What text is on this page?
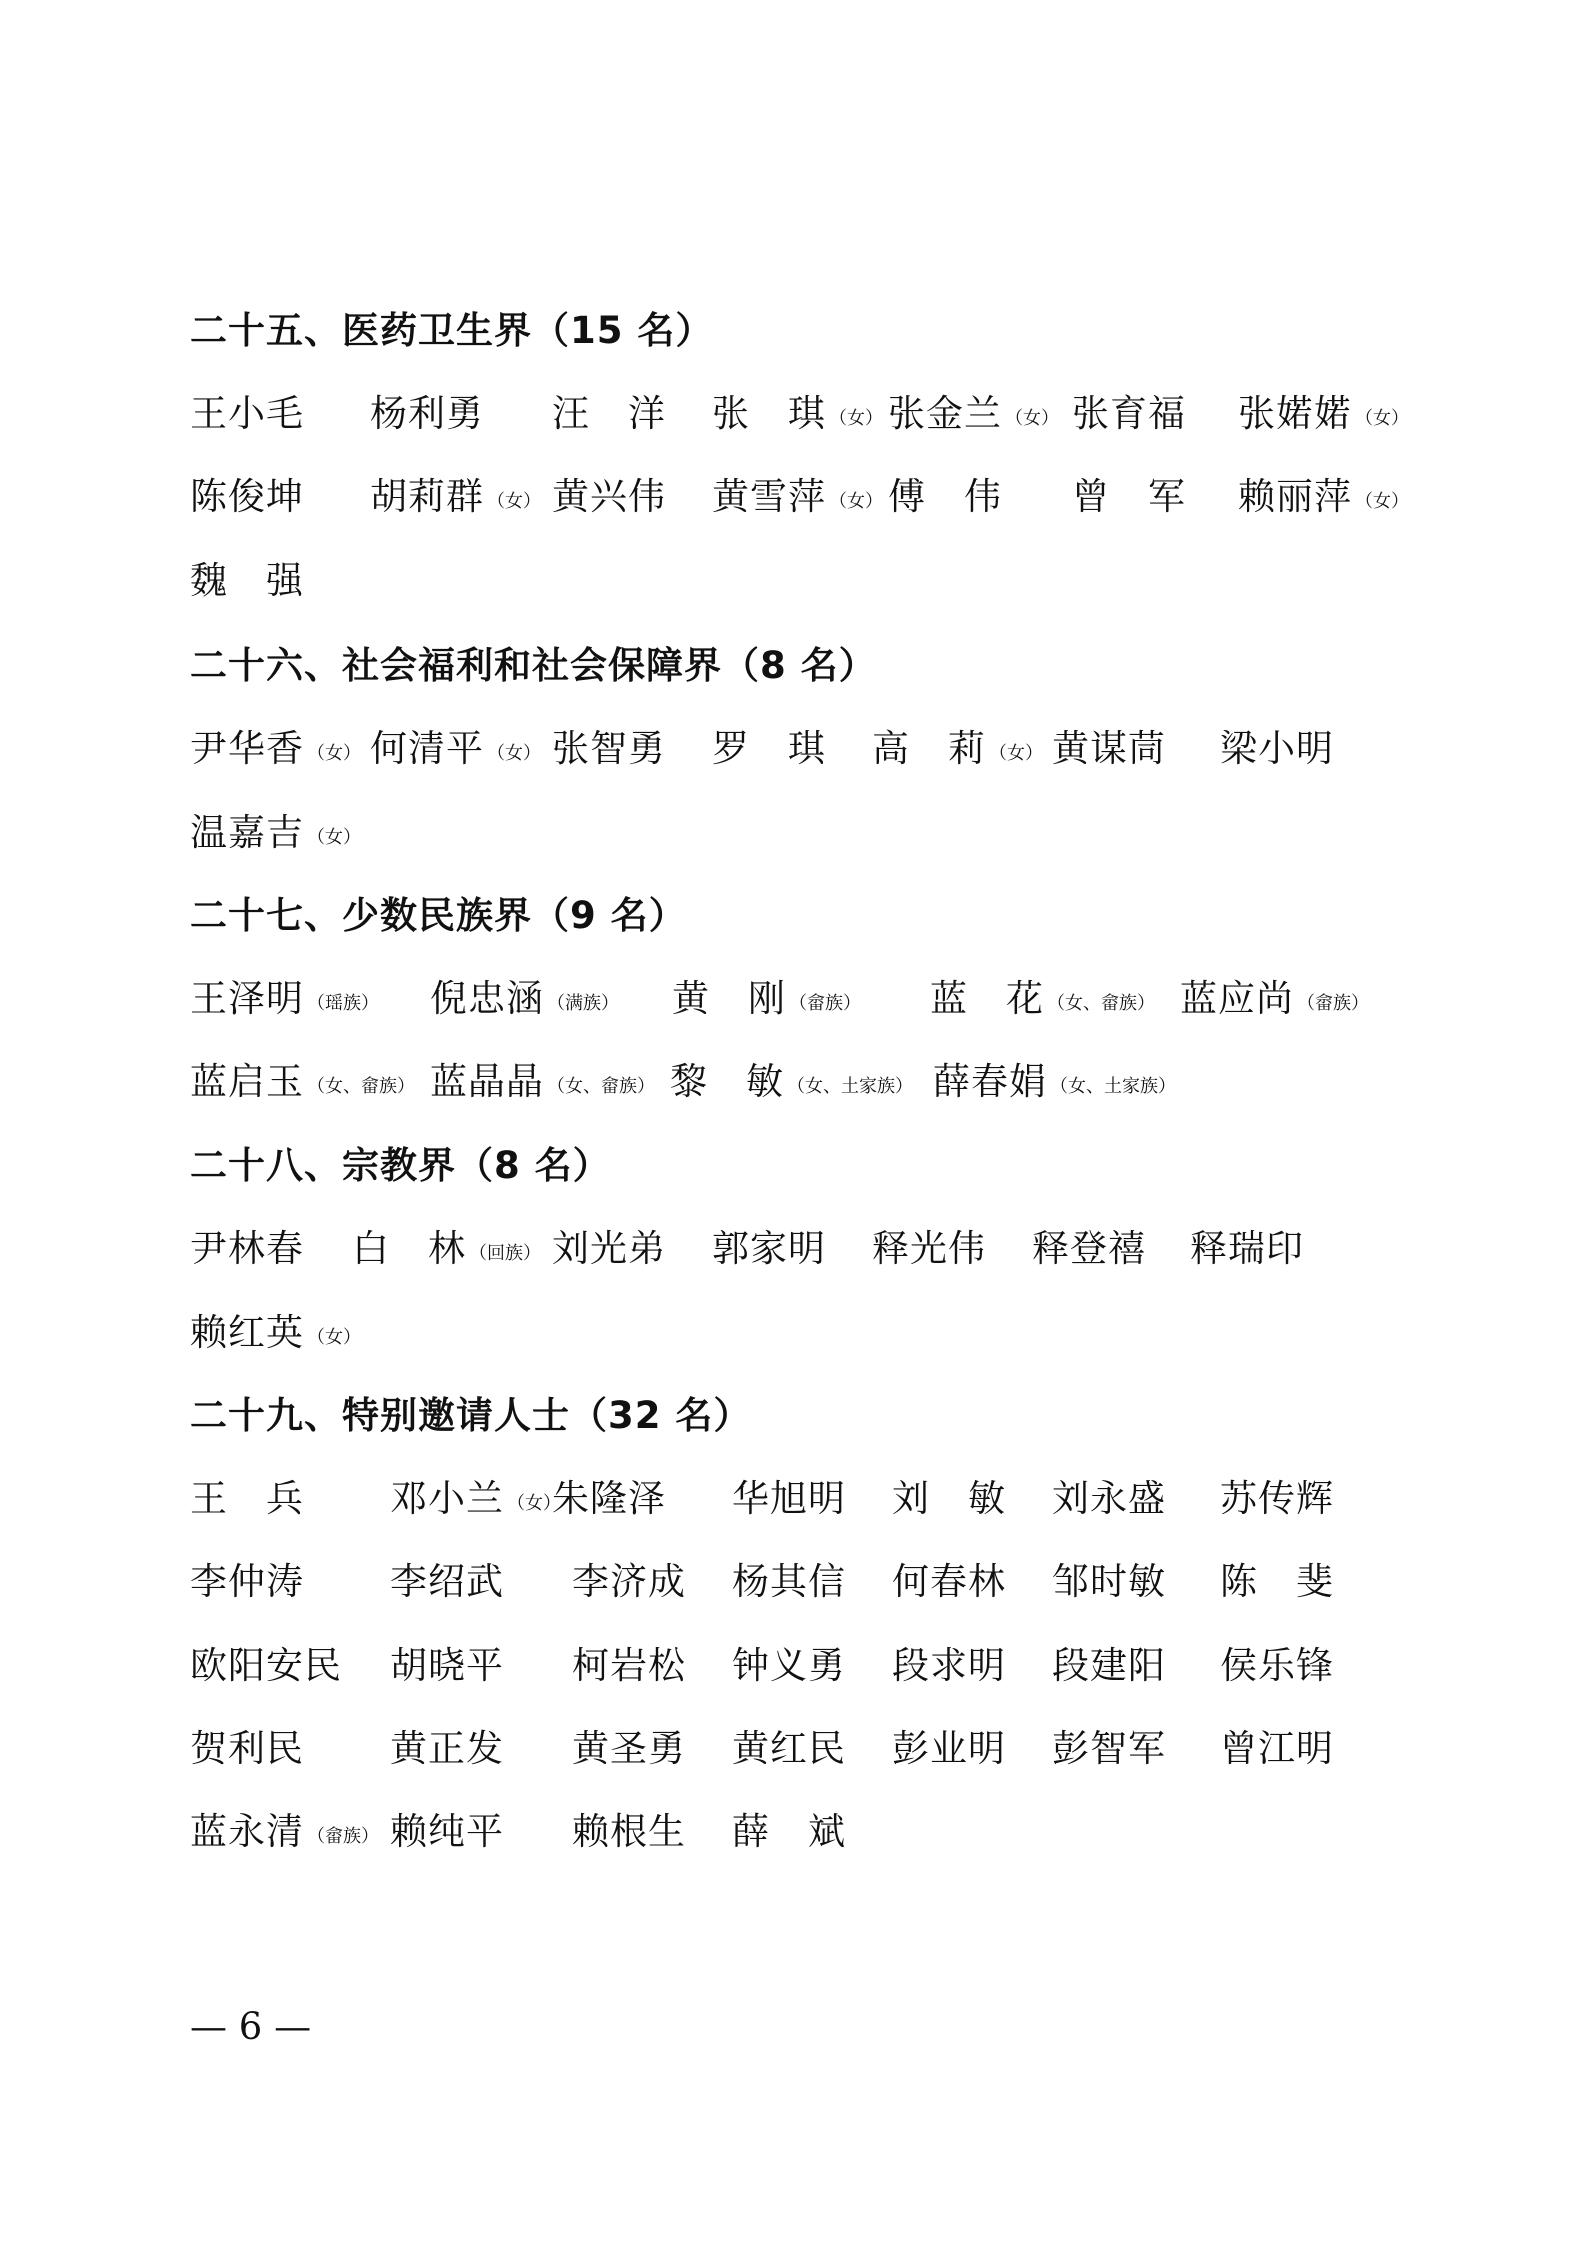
二十五、医药卫生界（15 名）
王小毛 杨利勇 汪　洋 张　琪 （女） 张金兰 （女） 张育福 张婼婼 （女）
陈俊坤 胡莉群 （女） 黄兴伟 黄雪萍 （女） 傅　伟 曾　军 赖丽萍 （女）
魏　强
二十六、社会福利和社会保障界（8 名）
尹华香 （女） 何清平 （女） 张智勇 罗　琪 高　莉 （女） 黄谋茼 梁小明
温嘉吉 （女）
二十七、少数民族界（9 名）
王泽明 （瑶族） 倪忠涵 （满族） 黄　刚 （畲族） 蓝　花 （女、畲族） 蓝应尚 （畲族）
蓝启玉 （女、畲族） 蓝晶晶 （女、畲族） 黎　敏 （女、土家族） 薛春娟 （女、土家族）
二十八、宗教界（8 名）
尹林春 白　林 （回族） 刘光弟 郭家明 释光伟 释登禧 释瑞印
赖红英 （女）
二十九、特别邀请人士（32 名）
王　兵 邓小兰 （女）
朱隆泽 华旭明 刘　敏 刘永盛 苏传辉
李仲涛 李绍武 李济成 杨其信 何春林 邹时敏 陈　斐
欧阳安民 胡晓平 柯岩松 钟义勇 段求明 段建阳 侯乐锋
贺利民 黄正发 黄圣勇 黄红民 彭业明 彭智军 曾江明
蓝永清 （畲族） 赖纯平 赖根生 薛　斌
— 6 —
